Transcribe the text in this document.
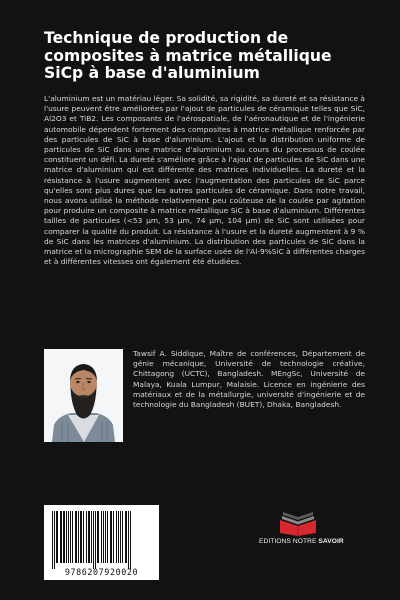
Technique de production de composites à matrice métallique SiCp à base d'aluminium

L'aluminium est un matériau léger. Sa solidité, sa rigidité, sa dureté et sa résistance à l'usure peuvent être améliorées par l'ajout de particules de céramique telles que SiC, Al2O3 et TiB2. Les composants de l'aérospatiale, de l'aéronautique et de l'ingénierie automobile dépendent fortement des composites à matrice métallique renforcée par des particules de SiC à base d'aluminium. L'ajout et la distribution uniforme de particules de SiC dans une matrice d'aluminium au cours du processus de coulée constituent un défi. La dureté s'améliore grâce à l'ajout de particules de SiC dans une matrice d'aluminium qui est différente des matrices individuelles. La dureté et la résistance à l'usure augmentent avec l'augmentation des particules de SiC parce qu'elles sont plus dures que les autres particules de céramique. Dans notre travail, nous avons utilisé la méthode relativement peu coûteuse de la coulée par agitation pour produire un composite à matrice métallique SiC à base d'aluminium. Différentes tailles de particules (<53 µm, 53 µm, 74 µm, 104 µm) de SiC sont utilisées pour comparer la qualité du produit. La résistance à l'usure et la dureté augmentent à 9 % de SiC dans les matrices d'aluminium. La distribution des particules de SiC dans la matrice et la micrographie SEM de la surface usée de l'Al-9%SiC à différentes charges et à différentes vitesses ont également été étudiées.

Tawsif A. Siddique, Maître de conférences, Département de génie mécanique, Université de technologie créative, Chittagong (UCTC), Bangladesh. MEngSc, Université de Malaya, Kuala Lumpur, Malaisie. Licence en ingénierie des matériaux et de la métallurgie, université d'ingénierie et de technologie du Bangladesh (BUET), Dhaka, Bangladesh.

EDITIONS NOTRE SAVOIR
9786207920020
